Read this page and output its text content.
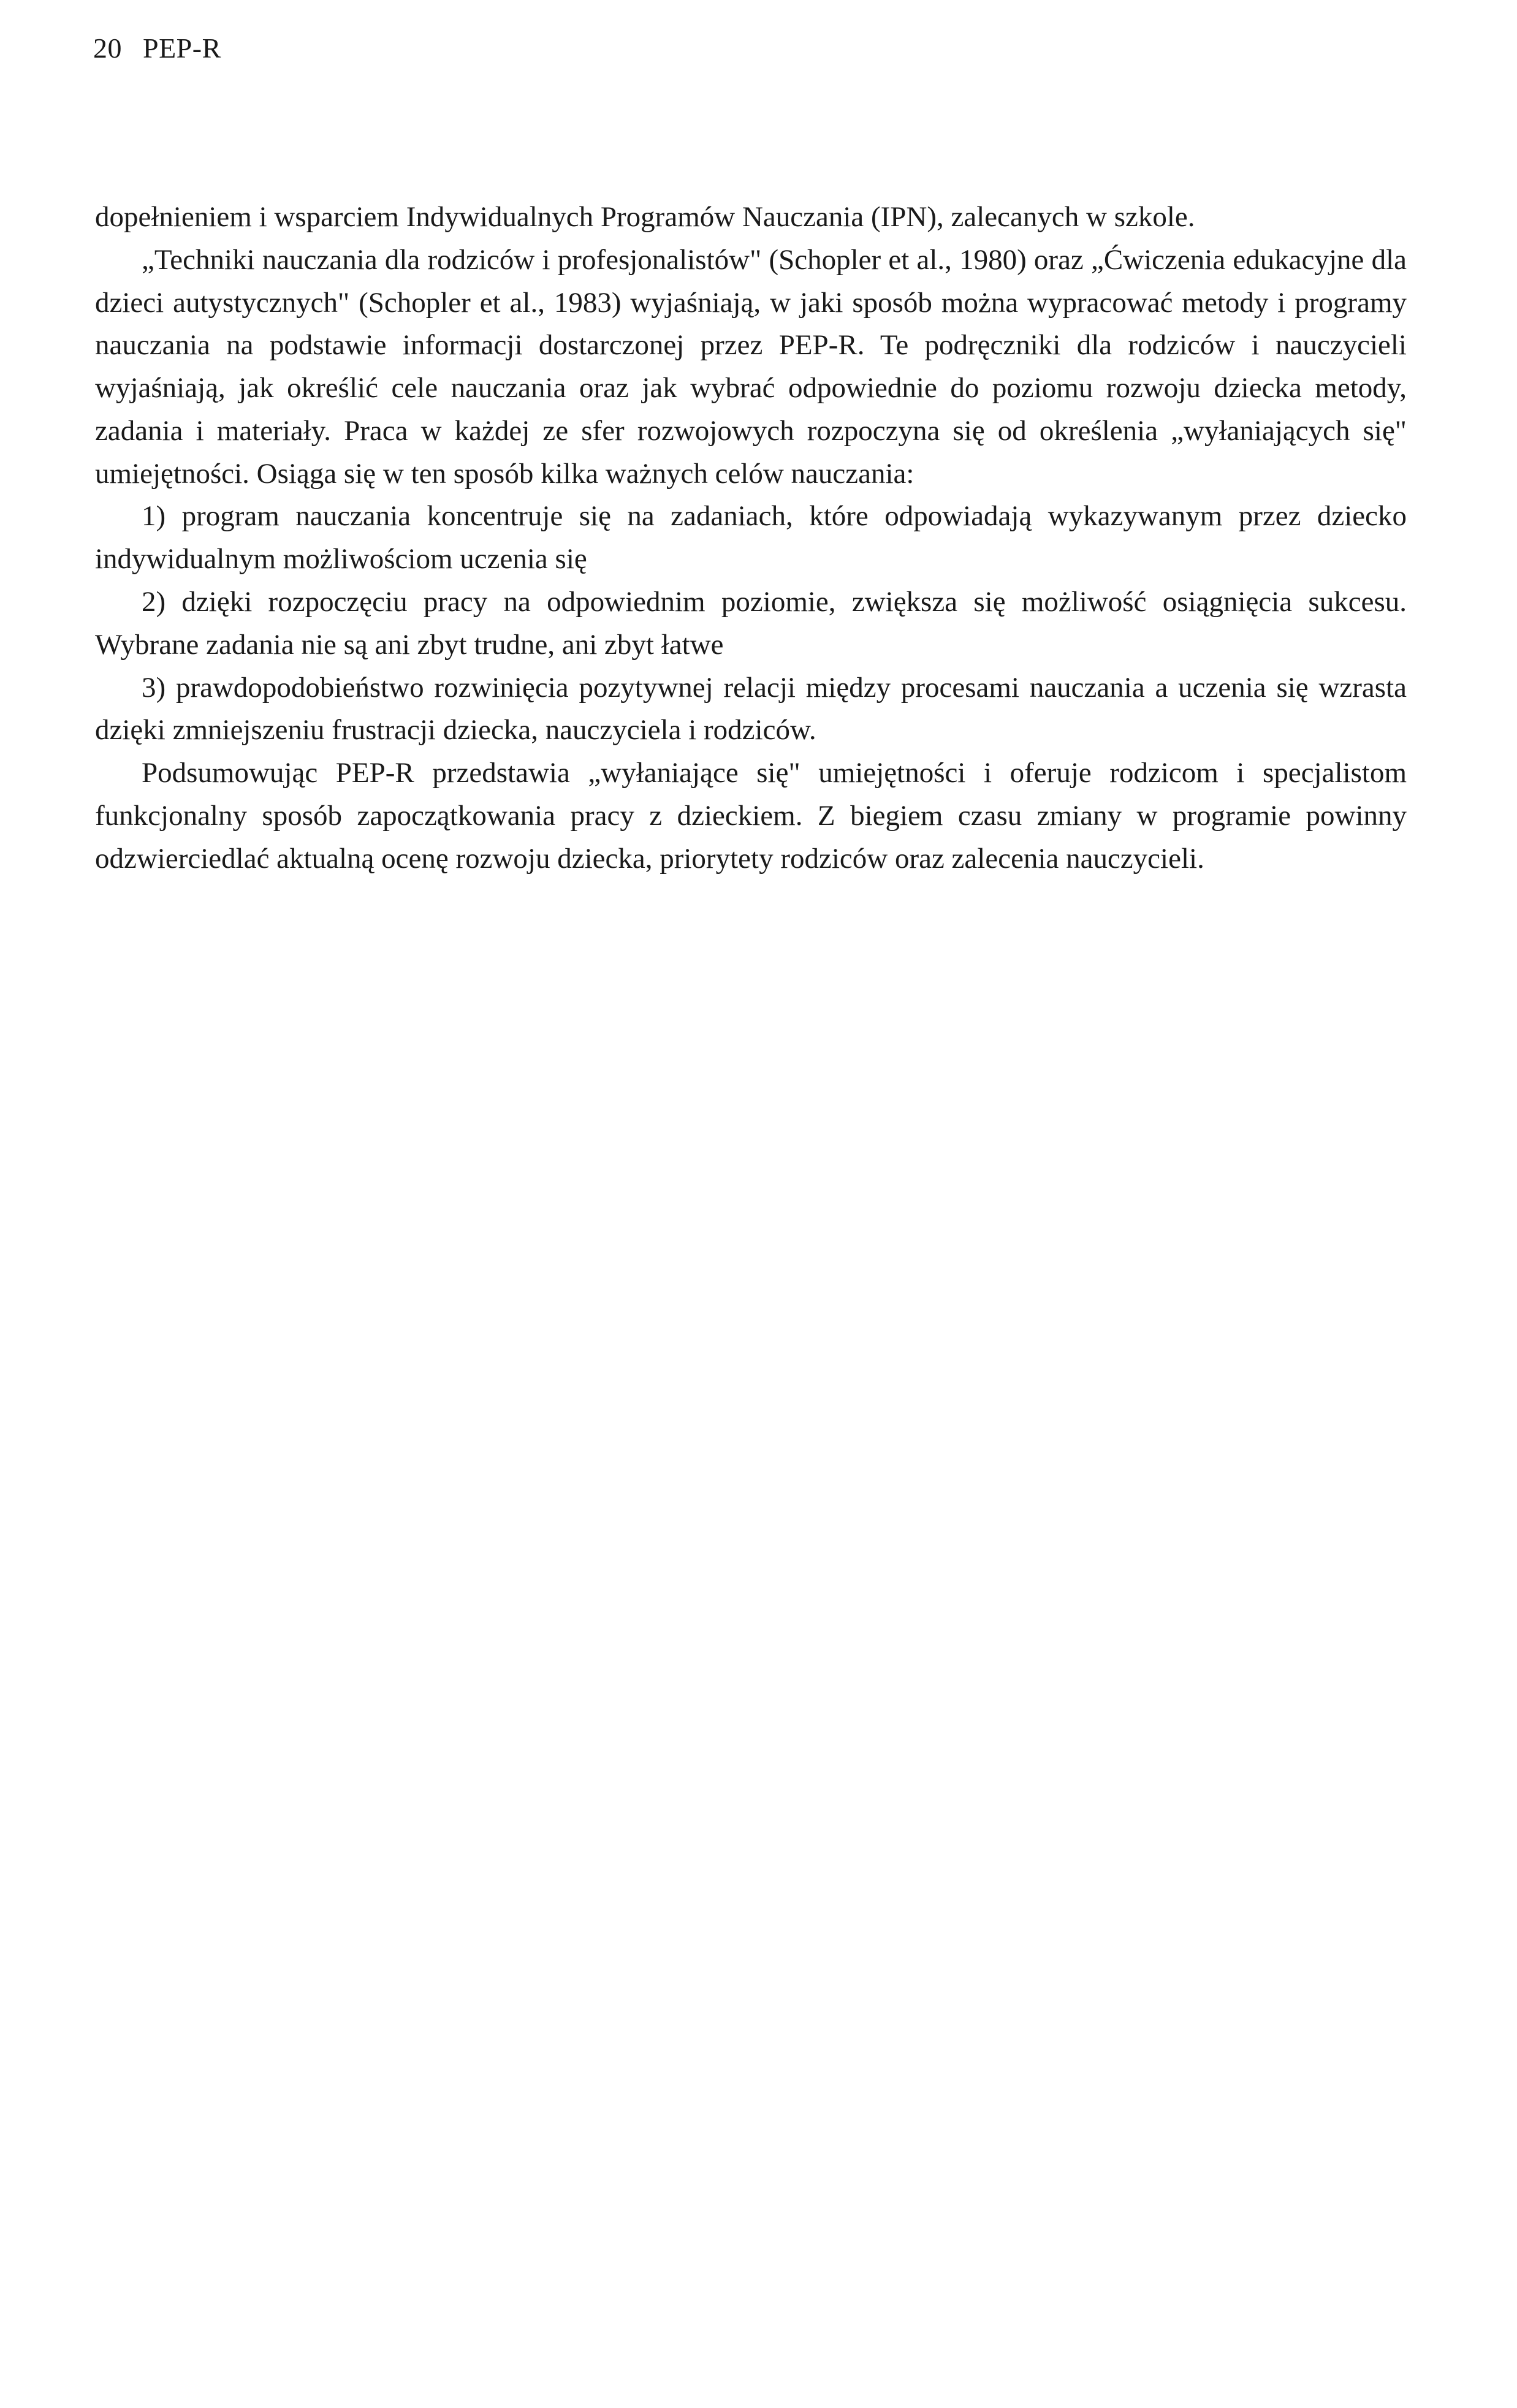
20 PEP-R

dopełnieniem i wsparciem Indywidualnych Programów Nauczania (IPN), zalecanych w szkole.

„Techniki nauczania dla rodziców i profesjonalistów" (Schopler et al., 1980) oraz „Ćwiczenia edukacyjne dla dzieci autystycznych" (Schopler et al., 1983) wyjaśniają, w jaki sposób można wypracować metody i programy nauczania na podstawie informacji dostarczonej przez PEP-R. Te podręczniki dla rodziców i nauczycieli wyjaśniają, jak określić cele nauczania oraz jak wybrać odpowiednie do poziomu rozwoju dziecka metody, zadania i materiały. Praca w każdej ze sfer rozwojowych rozpoczyna się od określenia „wyłaniających się" umiejętności. Osiąga się w ten sposób kilka ważnych celów nauczania:

1) program nauczania koncentruje się na zadaniach, które odpowiadają wykazywanym przez dziecko indywidualnym możliwościom uczenia się

2) dzięki rozpoczęciu pracy na odpowiednim poziomie, zwiększa się możliwość osiągnięcia sukcesu. Wybrane zadania nie są ani zbyt trudne, ani zbyt łatwe

3) prawdopodobieństwo rozwinięcia pozytywnej relacji między procesami nauczania a uczenia się wzrasta dzięki zmniejszeniu frustracji dziecka, nauczyciela i rodziców.

Podsumowując PEP-R przedstawia „wyłaniające się" umiejętności i oferuje rodzicom i specjalistom funkcjonalny sposób zapoczątkowania pracy z dzieckiem. Z biegiem czasu zmiany w programie powinny odzwierciedlać aktualną ocenę rozwoju dziecka, priorytety rodziców oraz zalecenia nauczycieli.
